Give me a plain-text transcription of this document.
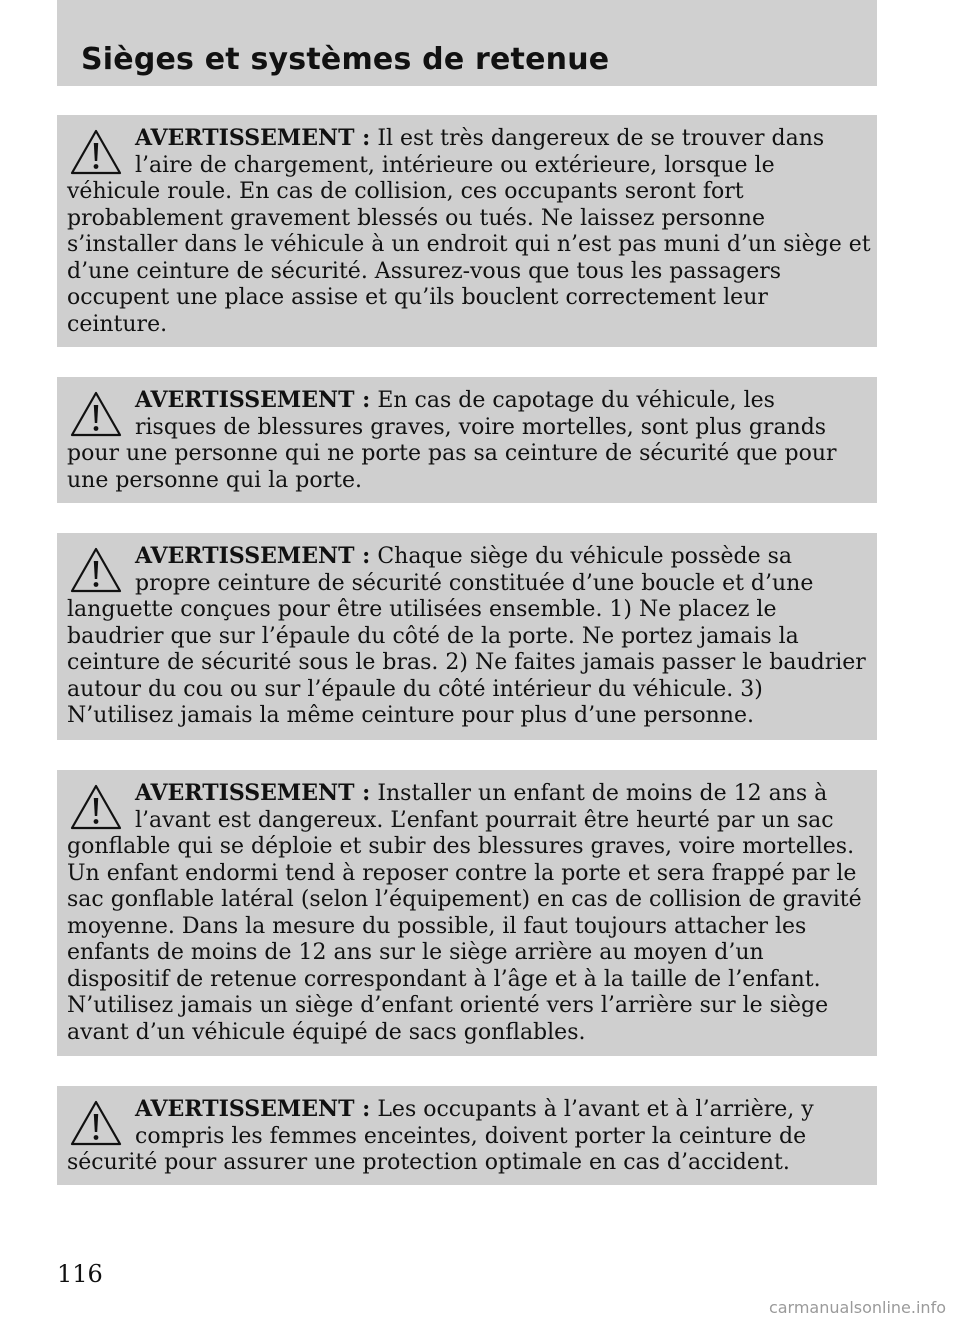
Sièges et systèmes de retenue
AVERTISSEMENT : Il est très dangereux de se trouver dans
l’aire de chargement, intérieure ou extérieure, lorsque le
véhicule roule. En cas de collision, ces occupants seront fort
probablement gravement blessés ou tués. Ne laissez personne
s’installer dans le véhicule à un endroit qui n’est pas muni d’un siège et
d’une ceinture de sécurité. Assurez-vous que tous les passagers
occupent une place assise et qu’ils bouclent correctement leur
ceinture.
AVERTISSEMENT : En cas de capotage du véhicule, les
risques de blessures graves, voire mortelles, sont plus grands
pour une personne qui ne porte pas sa ceinture de sécurité que pour
une personne qui la porte.
AVERTISSEMENT : Chaque siège du véhicule possède sa
propre ceinture de sécurité constituée d’une boucle et d’une
languette conçues pour être utilisées ensemble. 1) Ne placez le
baudrier que sur l’épaule du côté de la porte. Ne portez jamais la
ceinture de sécurité sous le bras. 2) Ne faites jamais passer le baudrier
autour du cou ou sur l’épaule du côté intérieur du véhicule. 3)
N’utilisez jamais la même ceinture pour plus d’une personne.
AVERTISSEMENT : Installer un enfant de moins de 12 ans à
l’avant est dangereux. L’enfant pourrait être heurté par un sac
gonflable qui se déploie et subir des blessures graves, voire mortelles.
Un enfant endormi tend à reposer contre la porte et sera frappé par le
sac gonflable latéral (selon l’équipement) en cas de collision de gravité
moyenne. Dans la mesure du possible, il faut toujours attacher les
enfants de moins de 12 ans sur le siège arrière au moyen d’un
dispositif de retenue correspondant à l’âge et à la taille de l’enfant.
N’utilisez jamais un siège d’enfant orienté vers l’arrière sur le siège
avant d’un véhicule équipé de sacs gonflables.
AVERTISSEMENT : Les occupants à l’avant et à l’arrière, y
compris les femmes enceintes, doivent porter la ceinture de
sécurité pour assurer une protection optimale en cas d’accident.
116
carmanualsonline.info
